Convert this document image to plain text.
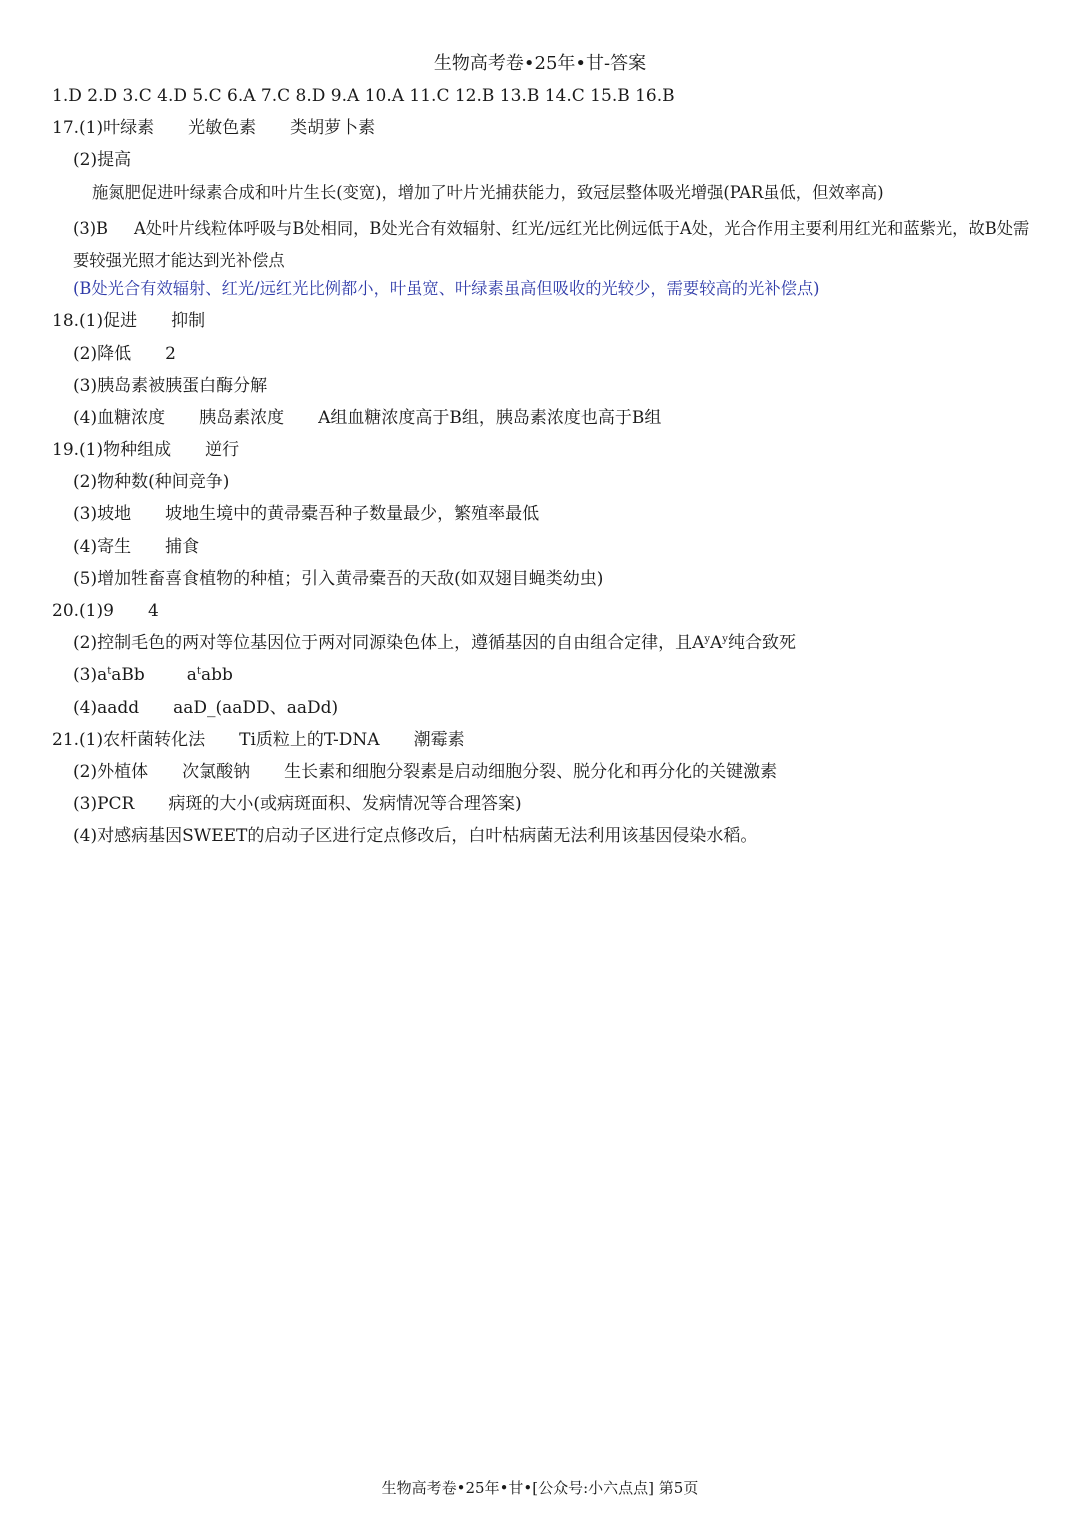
生物高考卷•25年•甘-答案
1.D 2.D 3.C 4.D 5.C 6.A 7.C 8.D 9.A 10.A 11.C 12.B 13.B 14.C 15.B 16.B
17.(1)叶绿素 光敏色素 类胡萝卜素
(2)提高
施氮肥促进叶绿素合成和叶片生长(变宽)，增加了叶片光捕获能力，致冠层整体吸光增强(PAR虽低，但效率高)
(3)B A处叶片线粒体呼吸与B处相同，B处光合有效辐射、红光/远红光比例远低于A处，光合作用主要利用红光和蓝紫光，故B处需要较强光照才能达到光补偿点
(B处光合有效辐射、红光/远红光比例都小，叶虽宽、叶绿素虽高但吸收的光较少，需要较高的光补偿点)
18.(1)促进 抑制
(2)降低 2
(3)胰岛素被胰蛋白酶分解
(4)血糖浓度 胰岛素浓度 A组血糖浓度高于B组，胰岛素浓度也高于B组
19.(1)物种组成 逆行
(2)物种数(种间竞争)
(3)坡地 坡地生境中的黄帚橐吾种子数量最少，繁殖率最低
(4)寄生 捕食
(5)增加牲畜喜食植物的种植；引入黄帚橐吾的天敌(如双翅目蝇类幼虫)
20.(1)9 4
(2)控制毛色的两对等位基因位于两对同源染色体上，遵循基因的自由组合定律，且$A^yA^y$纯合致死
$(3)a^taBb$ $a^tabb$
(4)aadd aaD_(aaDD、aaDd)
21.(1)农杆菌转化法 Ti质粒上的T-DNA 潮霉素
(2)外植体 次氯酸钠 生长素和细胞分裂素是启动细胞分裂、脱分化和再分化的关键激素
(3)PCR 病斑的大小(或病斑面积、发病情况等合理答案)
(4)对感病基因SWEET的启动子区进行定点修改后，白叶枯病菌无法利用该基因侵染水稻。
生物高考卷•25年•甘•[公众号:小六点点] 第5页
